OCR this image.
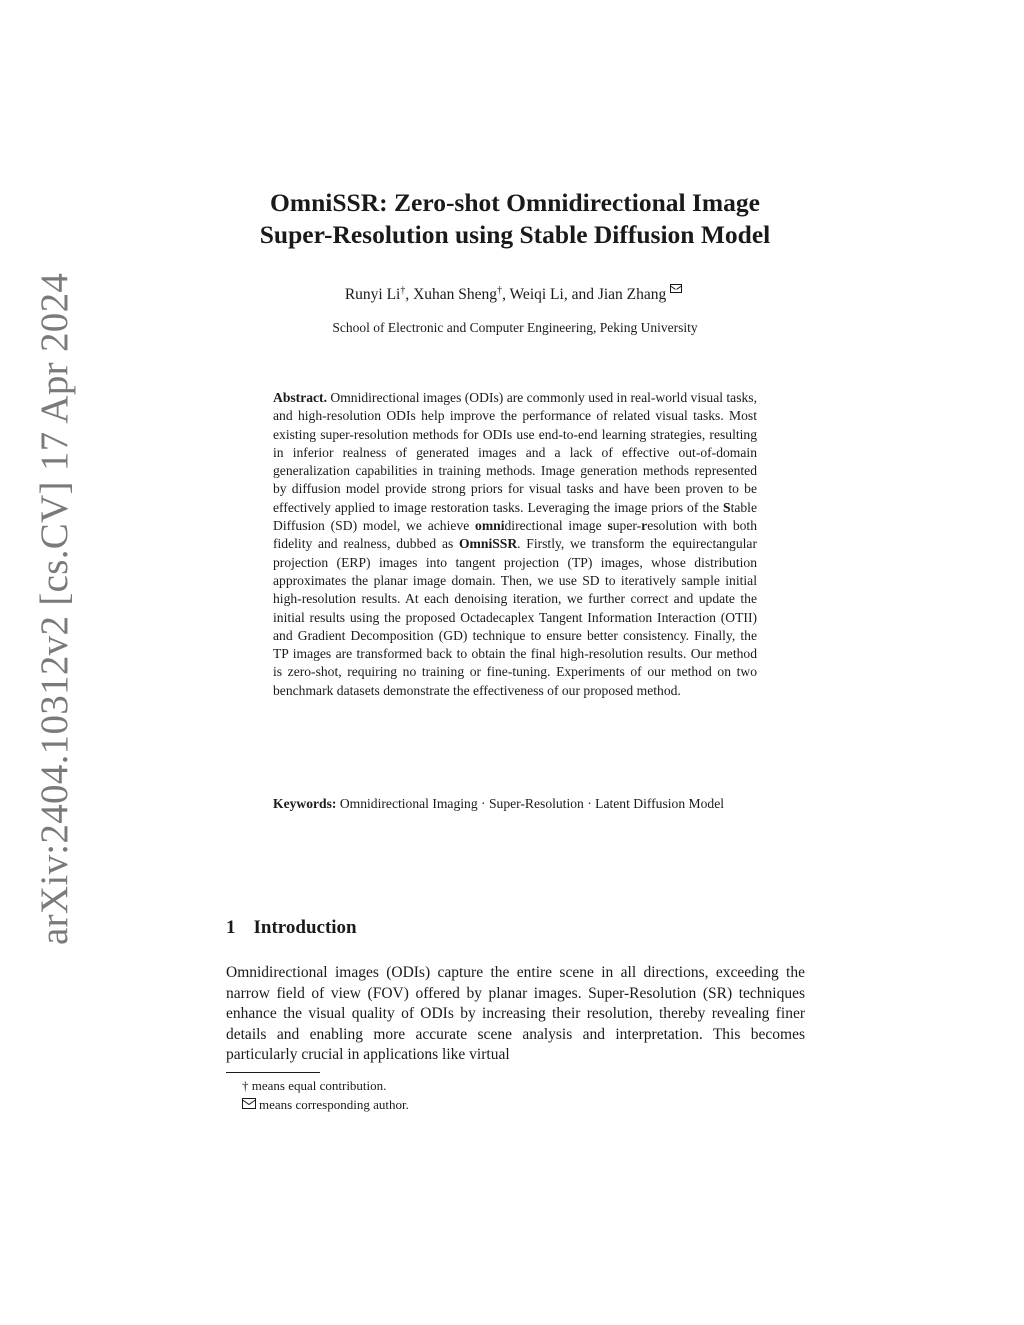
arXiv:2404.10312v2 [cs.CV] 17 Apr 2024
OmniSSR: Zero-shot Omnidirectional Image
Super-Resolution using Stable Diffusion Model
Runyi Li†, Xuhan Sheng†, Weiqi Li, and Jian Zhang
School of Electronic and Computer Engineering, Peking University
Abstract. Omnidirectional images (ODIs) are commonly used in real-world visual tasks, and high-resolution ODIs help improve the performance of related visual tasks. Most existing super-resolution methods for ODIs use end-to-end learning strategies, resulting in inferior realness of generated images and a lack of effective out-of-domain generalization capabilities in training methods. Image generation methods represented by diffusion model provide strong priors for visual tasks and have been proven to be effectively applied to image restoration tasks. Leveraging the image priors of the Stable Diffusion (SD) model, we achieve omnidirectional image super-resolution with both fidelity and realness, dubbed as OmniSSR. Firstly, we transform the equirectangular projection (ERP) images into tangent projection (TP) images, whose distribution approximates the planar image domain. Then, we use SD to iteratively sample initial high-resolution results. At each denoising iteration, we further correct and update the initial results using the proposed Octadecaplex Tangent Information Interaction (OTII) and Gradient Decomposition (GD) technique to ensure better consistency. Finally, the TP images are transformed back to obtain the final high-resolution results. Our method is zero-shot, requiring no training or fine-tuning. Experiments of our method on two benchmark datasets demonstrate the effectiveness of our proposed method.
Keywords: Omnidirectional Imaging · Super-Resolution · Latent Diffusion Model
1 Introduction
Omnidirectional images (ODIs) capture the entire scene in all directions, exceeding the narrow field of view (FOV) offered by planar images. Super-Resolution (SR) techniques enhance the visual quality of ODIs by increasing their resolution, thereby revealing finer details and enabling more accurate scene analysis and interpretation. This becomes particularly crucial in applications like virtual
† means equal contribution.
means corresponding author.
